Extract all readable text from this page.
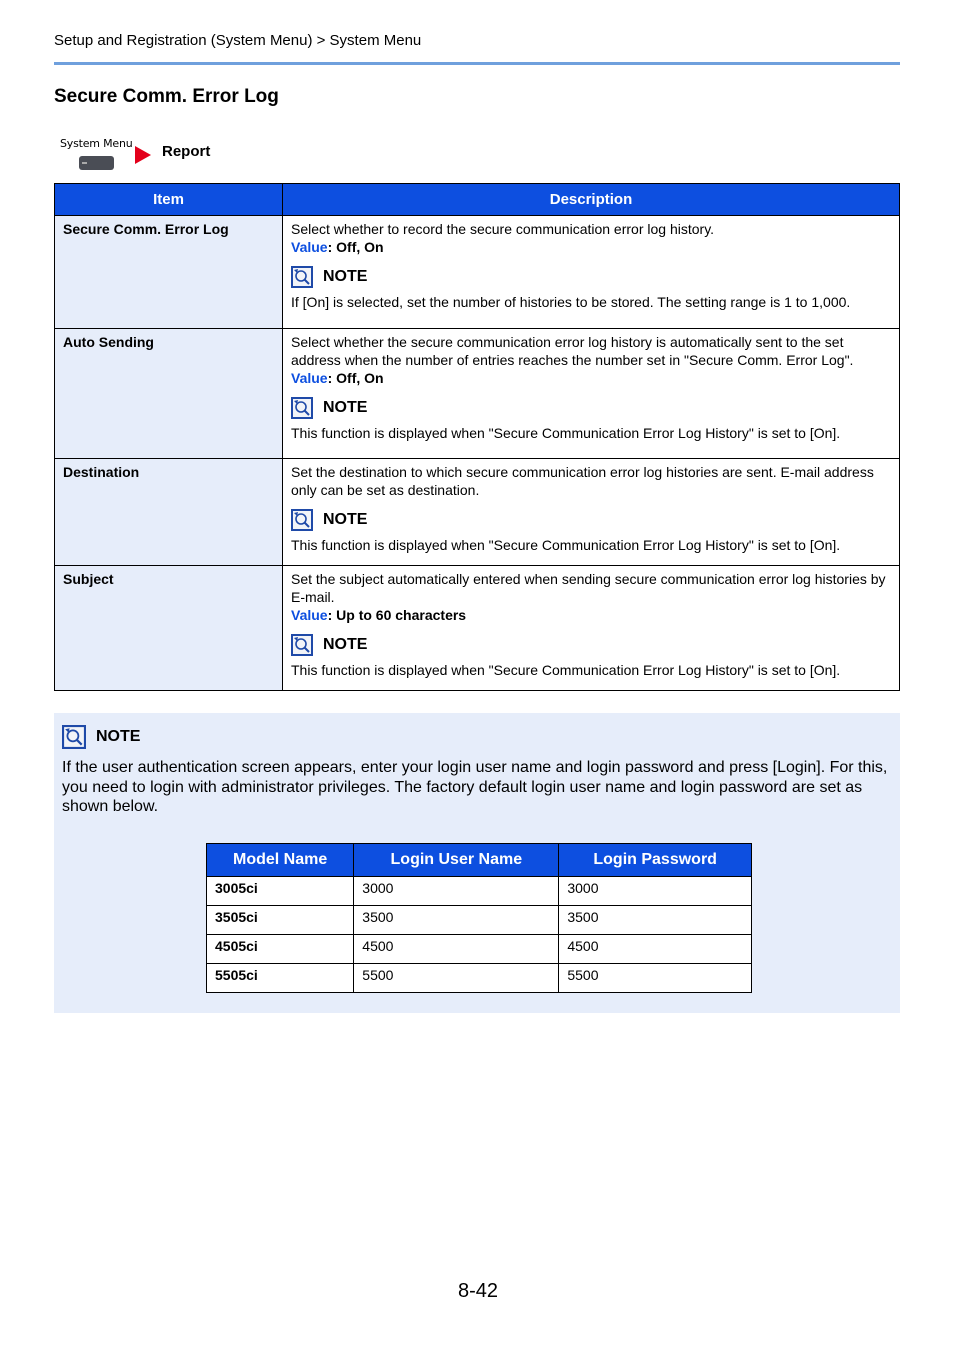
Setup and Registration (System Menu) > System Menu
Secure Comm. Error Log
System Menu Report
Item	Description
Secure Comm. Error Log	Select whether to record the secure communication error log history.
Value: Off, On
NOTE
If [On] is selected, set the number of histories to be stored. The setting range is 1 to 1,000.

Auto Sending	Select whether the secure communication error log history is automatically sent to the set address when the number of entries reaches the number set in "Secure Comm. Error Log".
Value: Off, On
NOTE
This function is displayed when "Secure Communication Error Log History" is set to [On].

Destination	Set the destination to which secure communication error log histories are sent. E-mail address only can be set as destination.
NOTE
This function is displayed when "Secure Communication Error Log History" is set to [On].

Subject	Set the subject automatically entered when sending secure communication error log histories by E-mail.
Value: Up to 60 characters
NOTE
This function is displayed when "Secure Communication Error Log History" is set to [On].
NOTE
If the user authentication screen appears, enter your login user name and login password and press [Login]. For this, you need to login with administrator privileges. The factory default login user name and login password are set as shown below.
Model Name	Login User Name	Login Password
3005ci	3000	3000
3505ci	3500	3500
4505ci	4500	4500
5505ci	5500	5500
8-42
